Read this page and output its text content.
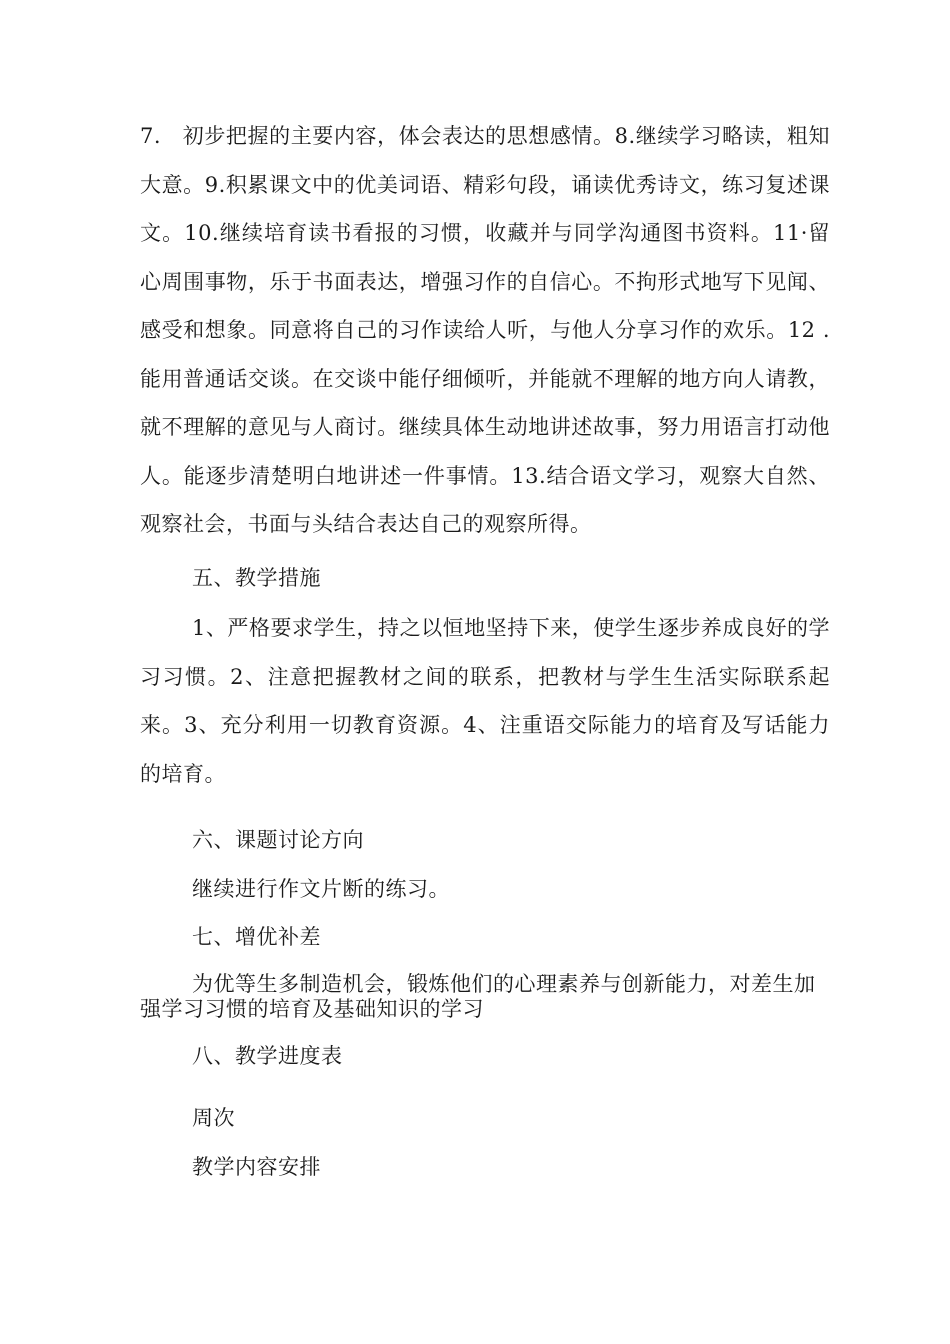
7.　初步把握的主要内容，体会表达的思想感情。8.继续学习略读，粗知大意。9.积累课文中的优美词语、精彩句段，诵读优秀诗文，练习复述课文。10.继续培育读书看报的习惯，收藏并与同学沟通图书资料。11·留心周围事物，乐于书面表达，增强习作的自信心。不拘形式地写下见闻、感受和想象。同意将自己的习作读给人听，与他人分享习作的欢乐。12 .能用普通话交谈。在交谈中能仔细倾听，并能就不理解的地方向人请教，就不理解的意见与人商讨。继续具体生动地讲述故事，努力用语言打动他人。能逐步清楚明白地讲述一件事情。13.结合语文学习，观察大自然、观察社会，书面与头结合表达自己的观察所得。

五、教学措施

1、严格要求学生，持之以恒地坚持下来，使学生逐步养成良好的学习习惯。2、注意把握教材之间的联系，把教材与学生生活实际联系起来。3、充分利用一切教育资源。4、注重语交际能力的培育及写话能力的培育。

六、课题讨论方向

继续进行作文片断的练习。

七、增优补差

为优等生多制造机会，锻炼他们的心理素养与创新能力，对差生加强学习习惯的培育及基础知识的学习

八、教学进度表

周次

教学内容安排
